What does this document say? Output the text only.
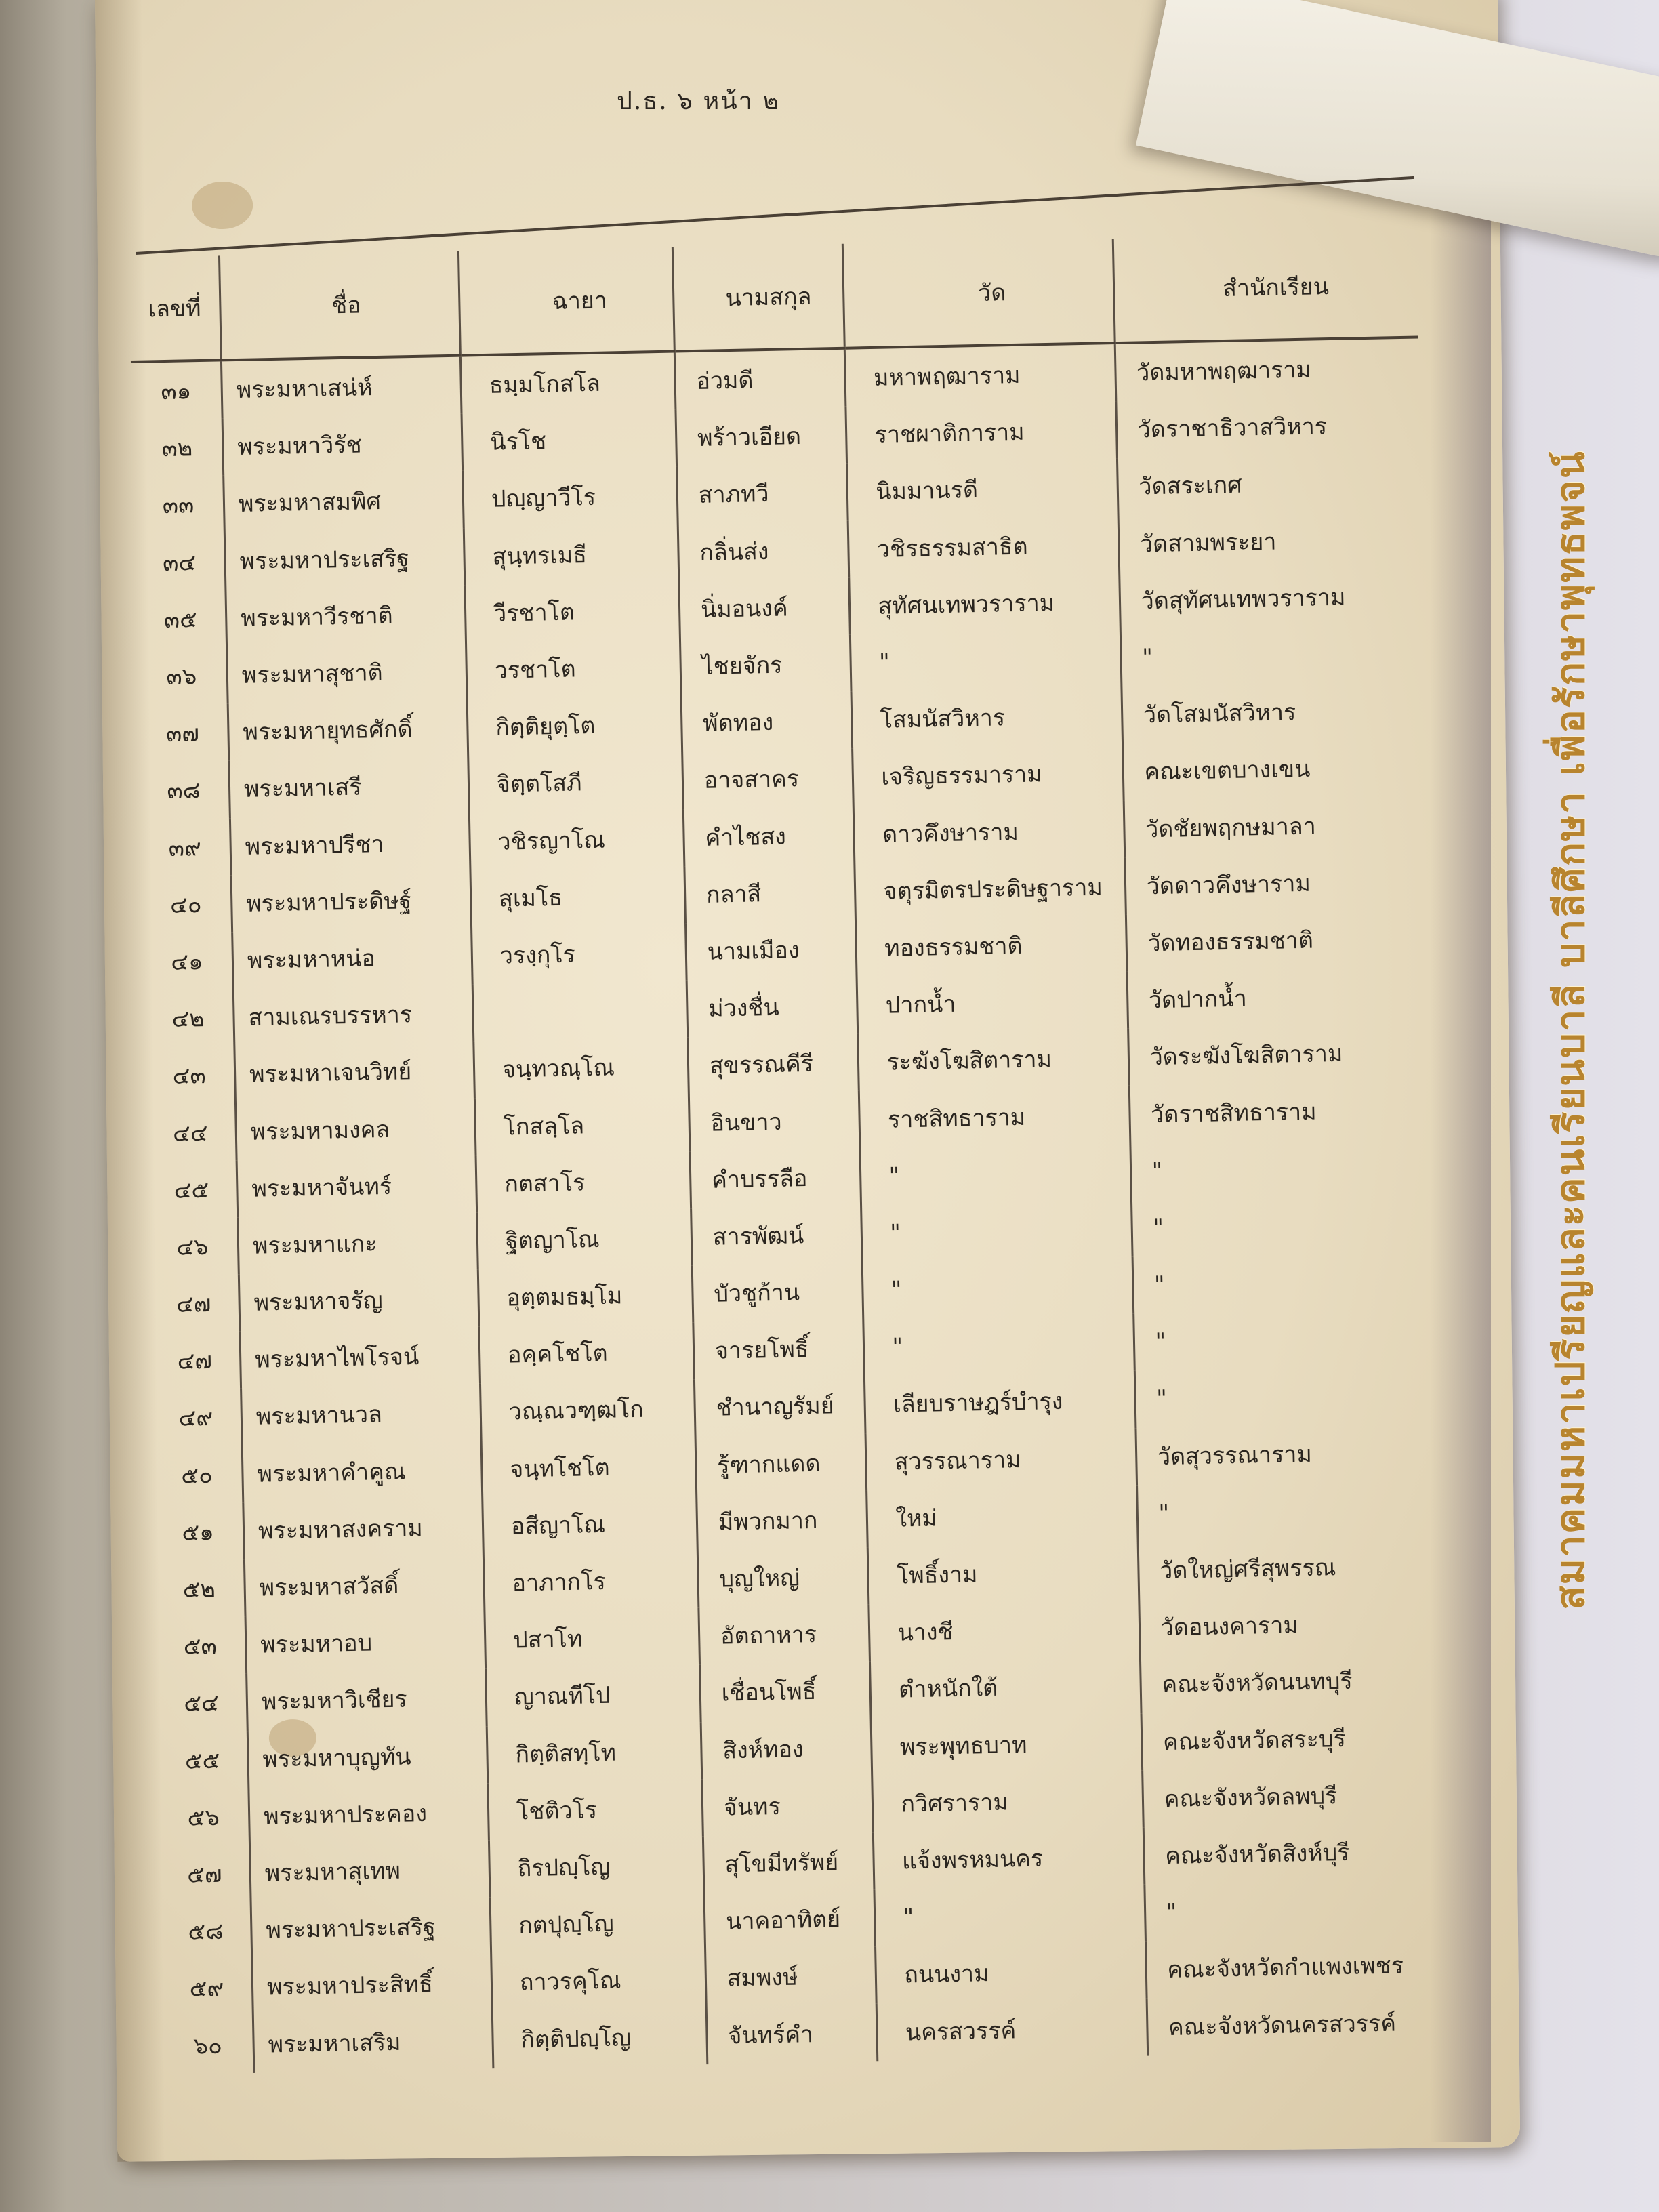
ป.ธ. ๖ หน้า ๒
เลขที่	ชื่อ	ฉายา	นามสกุล	วัด	สำนักเรียน
๓๑	พระมหาเสน่ห์	ธมฺมโกสโล	อ่วมดี	มหาพฤฒาราม	วัดมหาพฤฒาราม
๓๒	พระมหาวิรัช	นิรโช	พร้าวเอียด	ราชผาติการาม	วัดราชาธิวาสวิหาร
๓๓	พระมหาสมพิศ	ปญฺญาวีโร	สาภทวี	นิมมานรดี	วัดสระเกศ
๓๔	พระมหาประเสริฐ	สุนฺทรเมธี	กลิ่นส่ง	วชิรธรรมสาธิต	วัดสามพระยา
๓๕	พระมหาวีรชาติ	วีรชาโต	นิ่มอนงค์	สุทัศนเทพวราราม	วัดสุทัศนเทพวราราม
๓๖	พระมหาสุชาติ	วรชาโต	ไชยจักร	"	"
๓๗	พระมหายุทธศักดิ์	กิตฺติยุตฺโต	พัดทอง	โสมนัสวิหาร	วัดโสมนัสวิหาร
๓๘	พระมหาเสรี	จิตฺตโสภี	อาจสาคร	เจริญธรรมาราม	คณะเขตบางเขน
๓๙	พระมหาปรีชา	วชิรญาโณ	คำไชสง	ดาวคึงษาราม	วัดชัยพฤกษมาลา
๔๐	พระมหาประดิษฐ์	สุเมโธ	กลาสี	จตุรมิตรประดิษฐาราม	วัดดาวคึงษาราม
๔๑	พระมหาหน่อ	วรงฺกุโร	นามเมือง	ทองธรรมชาติ	วัดทองธรรมชาติ
๔๒	สามเณรบรรหาร		ม่วงชื่น	ปากน้ำ	วัดปากน้ำ
๔๓	พระมหาเจนวิทย์	จนฺทวณฺโณ	สุขรรณคีรี	ระฆังโฆสิตาราม	วัดระฆังโฆสิตาราม
๔๔	พระมหามงคล	โกสลฺโล	อินขาว	ราชสิทธาราม	วัดราชสิทธาราม
๔๕	พระมหาจันทร์	กตสาโร	คำบรรลือ	"	"
๔๖	พระมหาแกะ	ฐิตญาโณ	สารพัฒน์	"	"
๔๗	พระมหาจรัญ	อุตฺตมธมฺโม	บัวชูก้าน	"	"
๔๗	พระมหาไพโรจน์	อคฺคโชโต	จารยโพธิ์	"	"
๔๙	พระมหานวล	วณฺณวฑฺฒโก	ชำนาญรัมย์	เลียบราษฎร์บำรุง	"
๕๐	พระมหาคำคูณ	จนฺทโชโต	รู้ฑากแดด	สุวรรณาราม	วัดสุวรรณาราม
๕๑	พระมหาสงคราม	อสีญาโณ	มีพวกมาก	ใหม่	"
๕๒	พระมหาสวัสดิ์	อาภากโร	บุญใหญ่	โพธิ์งาม	วัดใหญ่ศรีสุพรรณ
๕๓	พระมหาอบ	ปสาโท	อัตถาหาร	นางชี	วัดอนงคาราม
๕๔	พระมหาวิเชียร	ญาณทีโป	เชื่อนโพธิ์	ตำหนักใต้	คณะจังหวัดนนทบุรี
๕๕	พระมหาบุญทัน	กิตฺติสทฺโท	สิงห์ทอง	พระพุทธบาท	คณะจังหวัดสระบุรี
๕๖	พระมหาประคอง	โชติวโร	จันทร	กวิศราราม	คณะจังหวัดลพบุรี
๕๗	พระมหาสุเทพ	ถิรปญฺโญ	สุโขมีทรัพย์	แจ้งพรหมนคร	คณะจังหวัดสิงห์บุรี
๕๘	พระมหาประเสริฐ	กตปุญฺโญ	นาคอาทิตย์	"	"
๕๙	พระมหาประสิทธิ์	ถาวรคุโณ	สมพงษ์	ถนนงาม	คณะจังหวัดกำแพงเพชร
๖๐	พระมหาเสริม	กิตฺติปญฺโญ	จันทร์คำ	นครสวรรค์	คณะจังหวัดนครสวรรค์
สมาคมมหาเปรียญและคนเรียนบาลี บาลีศึกษา เพื่อรักษาพุทธพจน์
